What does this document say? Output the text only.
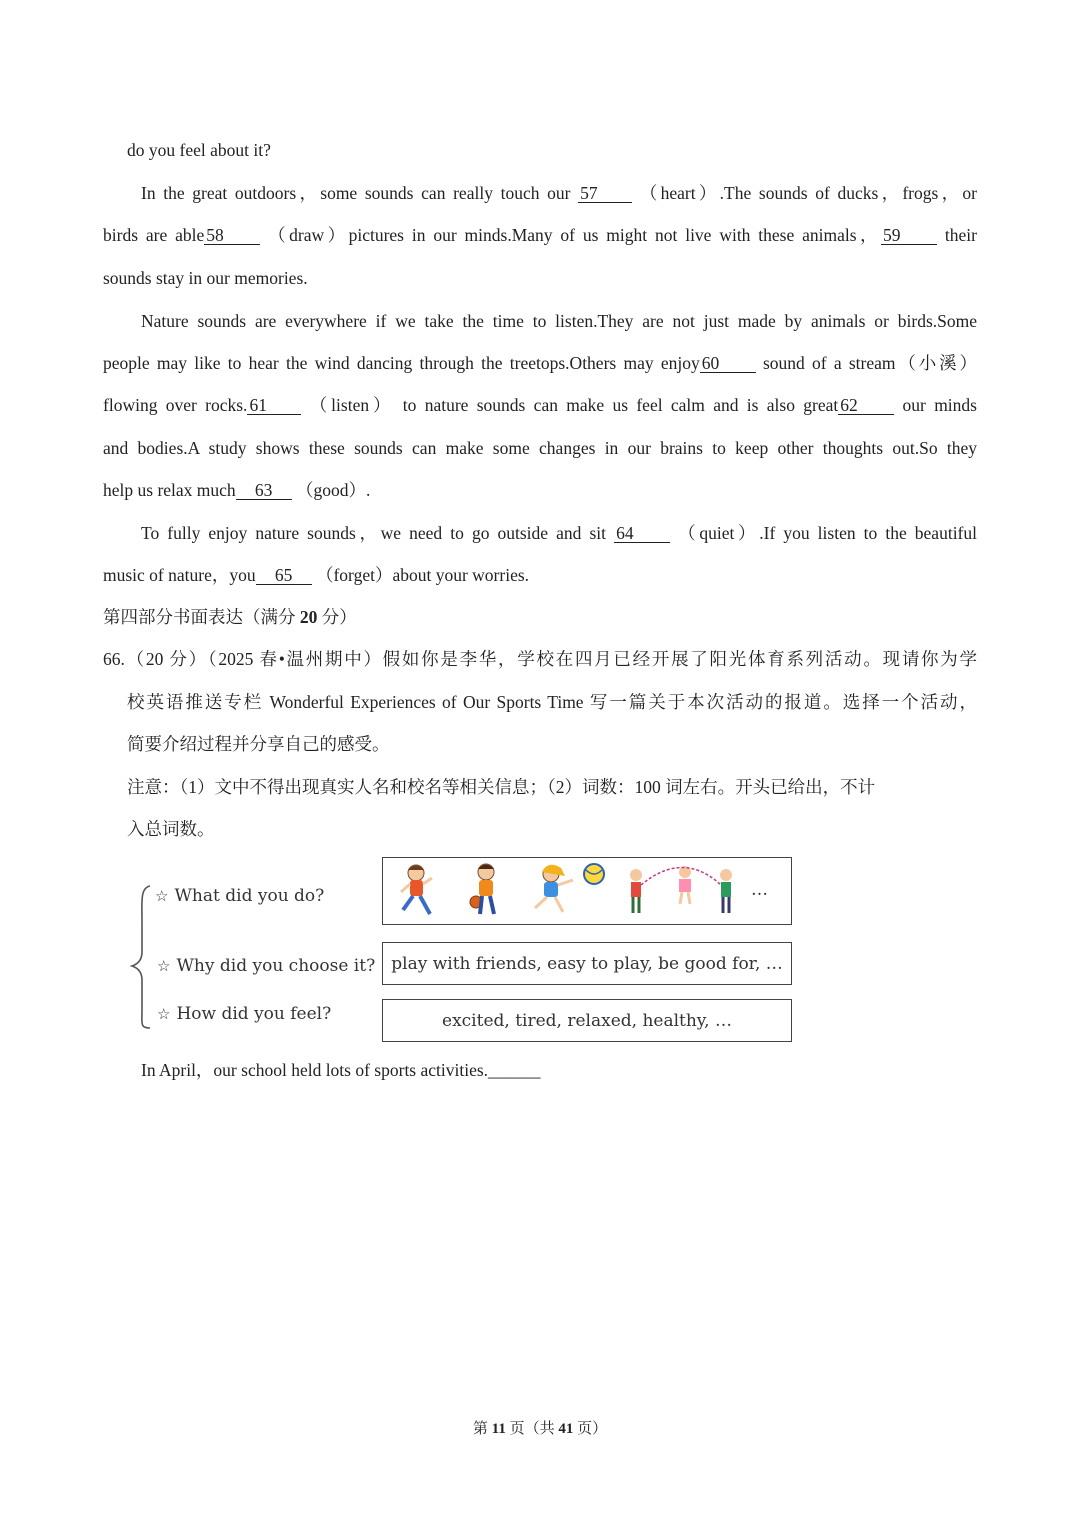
do you feel about it?
In the great outdoors，some sounds can really touch our 57 （heart）.The sounds of ducks，frogs，or
birds are able 58 （draw）pictures in our minds.Many of us might not live with these animals， 59 their
sounds stay in our memories.
Nature sounds are everywhere if we take the time to listen.They are not just made by animals or birds.Some
people may like to hear the wind dancing through the treetops.Others may enjoy 60 sound of a stream（小溪）
flowing over rocks. 61 （listen） to nature sounds can make us feel calm and is also great 62 our minds
and bodies.A study shows these sounds can make some changes in our brains to keep other thoughts out.So they
help us relax much 63 （good）.
To fully enjoy nature sounds，we need to go outside and sit 64 （quiet）.If you listen to the beautiful
music of nature，you 65 （forget）about your worries.
第四部分书面表达（满分 20 分）
66.（20 分）（2025 春•温州期中）假如你是李华，学校在四月已经开展了阳光体育系列活动。现请你为学
校英语推送专栏 Wonderful Experiences of Our Sports Time 写一篇关于本次活动的报道。选择一个活动，
简要介绍过程并分享自己的感受。
注意：（1）文中不得出现真实人名和校名等相关信息；（2）词数：100 词左右。开头已给出，不计
入总词数。
☆ What did you do?
☆ Why did you choose it?
☆ How did you feel?
…
play with friends, easy to play, be good for, …
excited, tired, relaxed, healthy, …
In April，our school held lots of sports activities.______
第 11 页（共 41 页）
